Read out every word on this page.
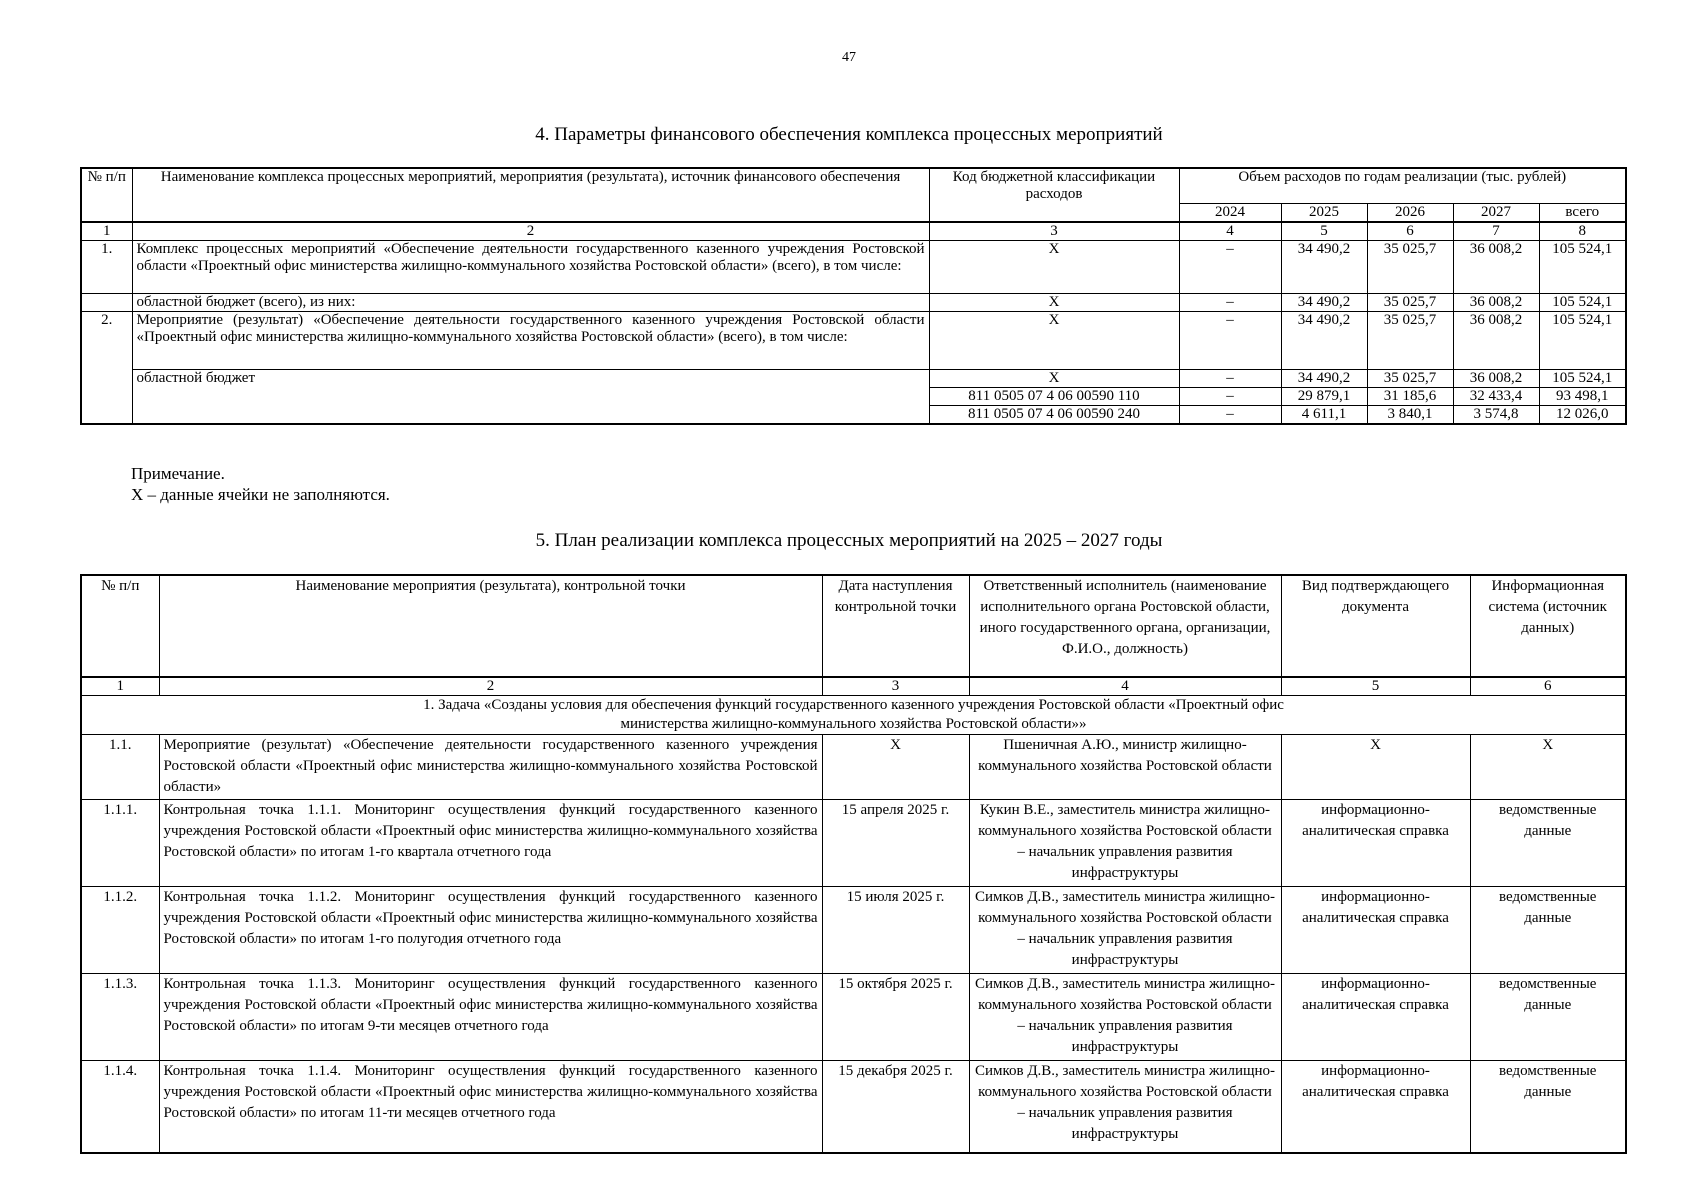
47
4. Параметры финансового обеспечения комплекса процессных мероприятий
№ п/п	Наименование комплекса процессных мероприятий, мероприятия (результата), источник финансового обеспечения	Код бюджетной классификации расходов	Объем расходов по годам реализации (тыс. рублей)				
			2024	2025	2026	2027	всего
1	2	3	4	5	6	7	8
1.	Комплекс процессных мероприятий «Обеспечение деятельности государственного казенного учреждения Ростовской области «Проектный офис министерства жилищно-коммунального хозяйства Ростовской области» (всего), в том числе:	X	–	34 490,2	35 025,7	36 008,2	105 524,1
	областной бюджет (всего), из них:	X	–	34 490,2	35 025,7	36 008,2	105 524,1
2.	Мероприятие (результат) «Обеспечение деятельности государственного казенного учреждения Ростовской области «Проектный офис министерства жилищно-коммунального хозяйства Ростовской области» (всего), в том числе:	X	–	34 490,2	35 025,7	36 008,2	105 524,1
	областной бюджет	X	–	34 490,2	35 025,7	36 008,2	105 524,1
		811 0505 07 4 06 00590 110	–	29 879,1	31 185,6	32 433,4	93 498,1
		811 0505 07 4 06 00590 240	–	4 611,1	3 840,1	3 574,8	12 026,0
Примечание.
X – данные ячейки не заполняются.
5. План реализации комплекса процессных мероприятий на 2025 – 2027 годы
№ п/п	Наименование мероприятия (результата), контрольной точки	Дата наступления контрольной точки	Ответственный исполнитель (наименование исполнительного органа Ростовской области, иного государственного органа, организации, Ф.И.О., должность)	Вид подтверждающего документа	Информационная система (источник данных)
1	2	3	4	5	6
1. Задача «Созданы условия для обеспечения функций государственного казенного учреждения Ростовской области «Проектный офис министерства жилищно-коммунального хозяйства Ростовской области»»					
1.1.	Мероприятие (результат) «Обеспечение деятельности государственного казенного учреждения Ростовской области «Проектный офис министерства жилищно-коммунального хозяйства Ростовской области»	X	Пшеничная А.Ю., министр жилищно-коммунального хозяйства Ростовской области	X	X
1.1.1.	Контрольная точка 1.1.1. Мониторинг осуществления функций государственного казенного учреждения Ростовской области «Проектный офис министерства жилищно-коммунального хозяйства Ростовской области» по итогам 1-го квартала отчетного года	15 апреля 2025 г.	Кукин В.Е., заместитель министра жилищно-коммунального хозяйства Ростовской области – начальник управления развития инфраструктуры	информационно-аналитическая справка	ведомственные данные
1.1.2.	Контрольная точка 1.1.2. Мониторинг осуществления функций государственного казенного учреждения Ростовской области «Проектный офис министерства жилищно-коммунального хозяйства Ростовской области» по итогам 1-го полугодия отчетного года	15 июля 2025 г.	Симков Д.В., заместитель министра жилищно-коммунального хозяйства Ростовской области – начальник управления развития инфраструктуры	информационно-аналитическая справка	ведомственные данные
1.1.3.	Контрольная точка 1.1.3. Мониторинг осуществления функций государственного казенного учреждения Ростовской области «Проектный офис министерства жилищно-коммунального хозяйства Ростовской области» по итогам 9-ти месяцев отчетного года	15 октября 2025 г.	Симков Д.В., заместитель министра жилищно-коммунального хозяйства Ростовской области – начальник управления развития инфраструктуры	информационно-аналитическая справка	ведомственные данные
1.1.4.	Контрольная точка 1.1.4. Мониторинг осуществления функций государственного казенного учреждения Ростовской области «Проектный офис министерства жилищно-коммунального хозяйства Ростовской области» по итогам 11-ти месяцев отчетного года	15 декабря 2025 г.	Симков Д.В., заместитель министра жилищно-коммунального хозяйства Ростовской области – начальник управления развития инфраструктуры	информационно-аналитическая справка	ведомственные данные
